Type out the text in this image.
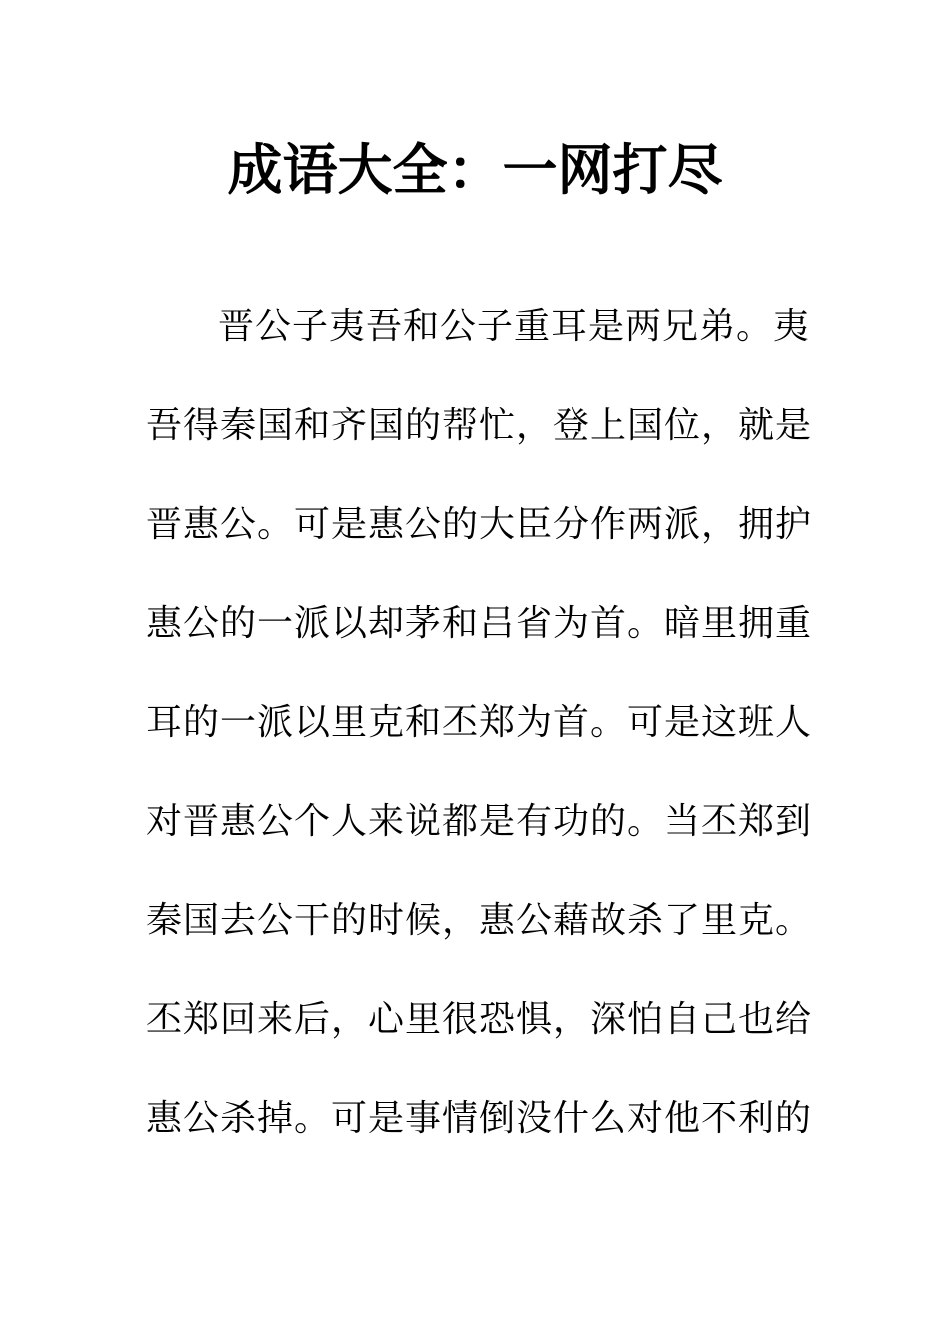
成语大全：一网打尽
晋公子夷吾和公子重耳是两兄弟。夷
吾得秦国和齐国的帮忙，登上国位，就是
晋惠公。可是惠公的大臣分作两派，拥护
惠公的一派以却茅和吕省为首。暗里拥重
耳的一派以里克和丕郑为首。可是这班人
对晋惠公个人来说都是有功的。当丕郑到
秦国去公干的时候，惠公藉故杀了里克。
丕郑回来后，心里很恐惧，深怕自己也给
惠公杀掉。可是事情倒没什么对他不利的
